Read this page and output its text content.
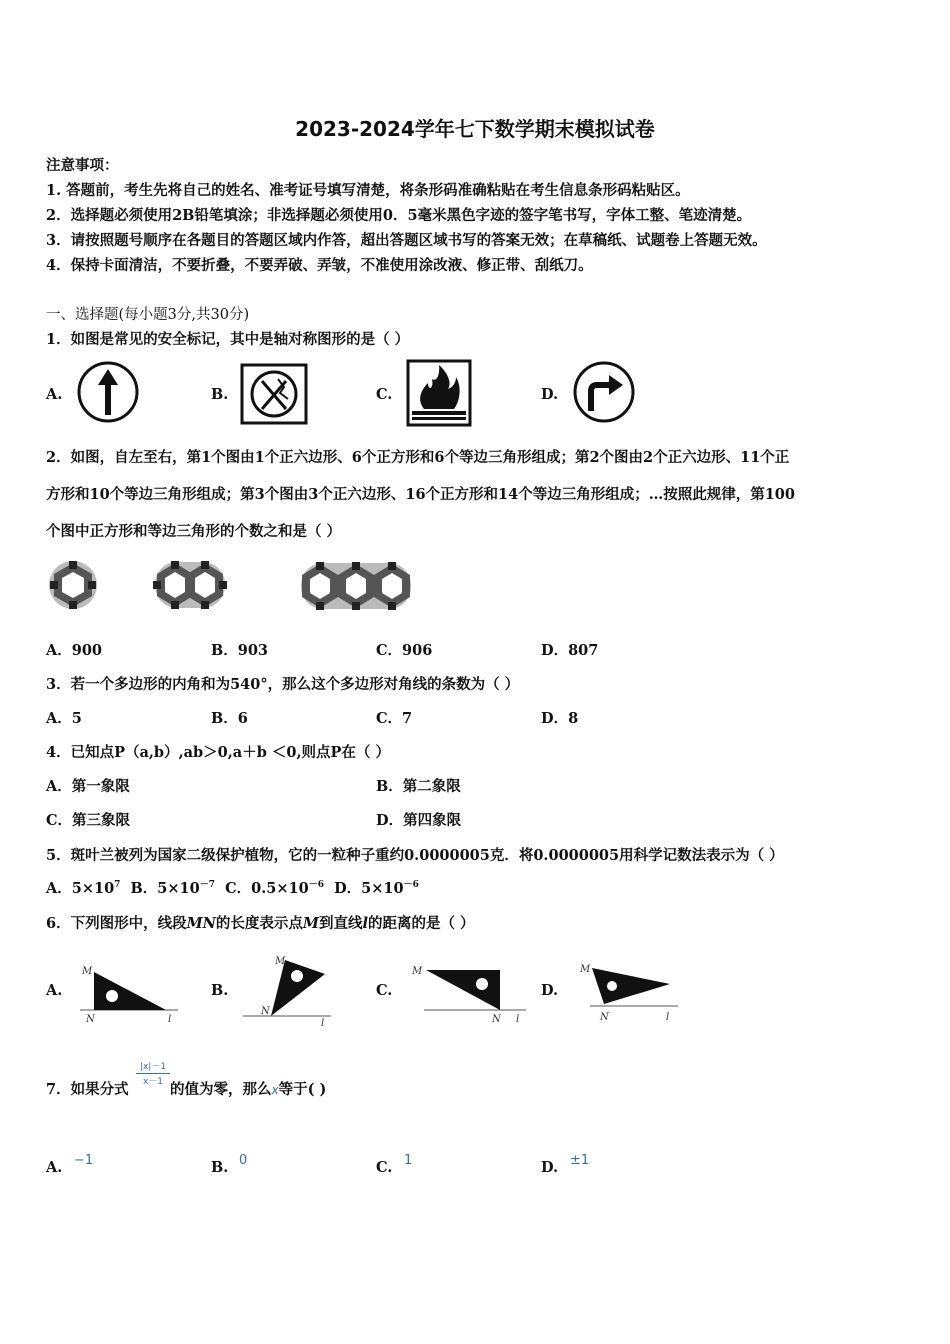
2023-2024学年七下数学期末模拟试卷
注意事项：
1. 答题前，考生先将自己的姓名、准考证号填写清楚，将条形码准确粘贴在考生信息条形码粘贴区。
2．选择题必须使用2B铅笔填涂；非选择题必须使用0．5毫米黑色字迹的签字笔书写，字体工整、笔迹清楚。
3．请按照题号顺序在各题目的答题区域内作答，超出答题区域书写的答案无效；在草稿纸、试题卷上答题无效。
4．保持卡面清洁，不要折叠，不要弄破、弄皱，不准使用涂改液、修正带、刮纸刀。
一、选择题(每小题3分,共30分)
1．如图是常见的安全标记，其中是轴对称图形的是（ ）
A.	B.	C.	D.
2．如图，自左至右，第1个图由1个正六边形、6个正方形和6个等边三角形组成；第2个图由2个正六边形、11个正
方形和10个等边三角形组成；第3个图由3个正六边形、16个正方形和14个等边三角形组成；…按照此规律，第100
个图中正方形和等边三角形的个数之和是（ ）
A．900	B．903	C．906	D．807
3．若一个多边形的内角和为540°，那么这个多边形对角线的条数为（ ）
A．5	B．6	C．7	D．8
4．已知点P（a,b）,ab＞0,a＋b ＜0,则点P在（ ）
A．第一象限	B．第二象限
C．第三象限	D．第四象限
5．斑叶兰被列为国家二级保护植物，它的一粒种子重约0.0000005克．将0.0000005用科学记数法表示为（ ）
A．$5\times 10^7$ B．$5\times 10^{-7}$ C．$0.5\times 10^{-6}$ D．$5\times 10^{-6}$
6．下列图形中，线段MN的长度表示点M到直线l的距离的是（ ）
A.
M
N	l
B.
M
N
l
C.
M
N l
D.
M
N	l
7．如果分式
$\frac{|x|-1}{x-1}$
的值为零，那么x等于( )
A. −1	B. 0	C. 1	D. ±1
